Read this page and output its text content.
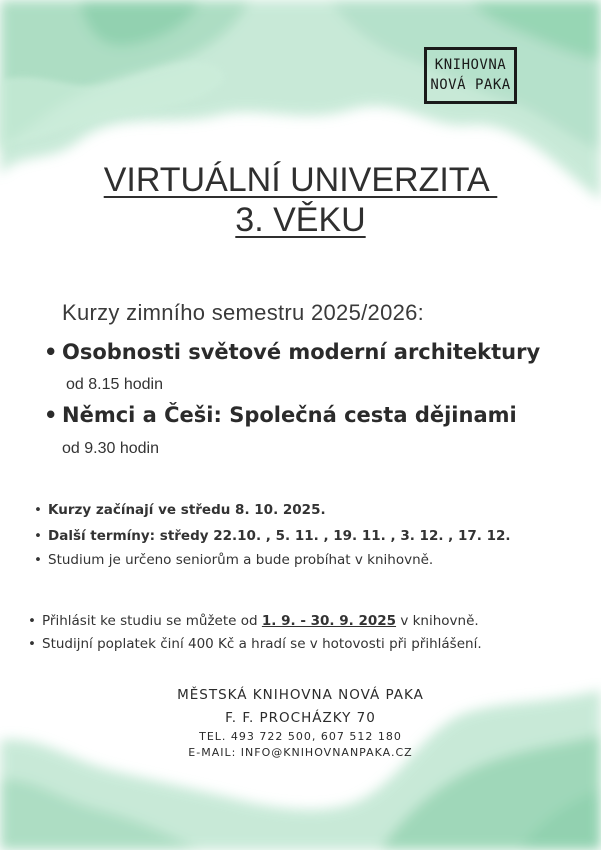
KNIHOVNA
NOVÁ PAKA
VIRTUÁLNÍ UNIVERZITA
3. VĚKU
Kurzy zimního semestru 2025/2026:
• Osobnosti světové moderní architektury
od 8.15 hodin
• Němci a Češi: Společná cesta dějinami
od 9.30 hodin
• Kurzy začínají ve středu 8. 10. 2025.
• Další termíny: středy 22.10. , 5. 11. , 19. 11. , 3. 12. , 17. 12.
• Studium je určeno seniorům a bude probíhat v knihovně.
• Přihlásit ke studiu se můžete od 1. 9. - 30. 9. 2025 v knihovně.
• Studijní poplatek činí 400 Kč a hradí se v hotovosti při přihlášení.
MĚSTSKÁ KNIHOVNA NOVÁ PAKA
F. F. PROCHÁZKY 70
TEL. 493 722 500, 607 512 180
E-MAIL: INFO@KNIHOVNANPAKA.CZ
